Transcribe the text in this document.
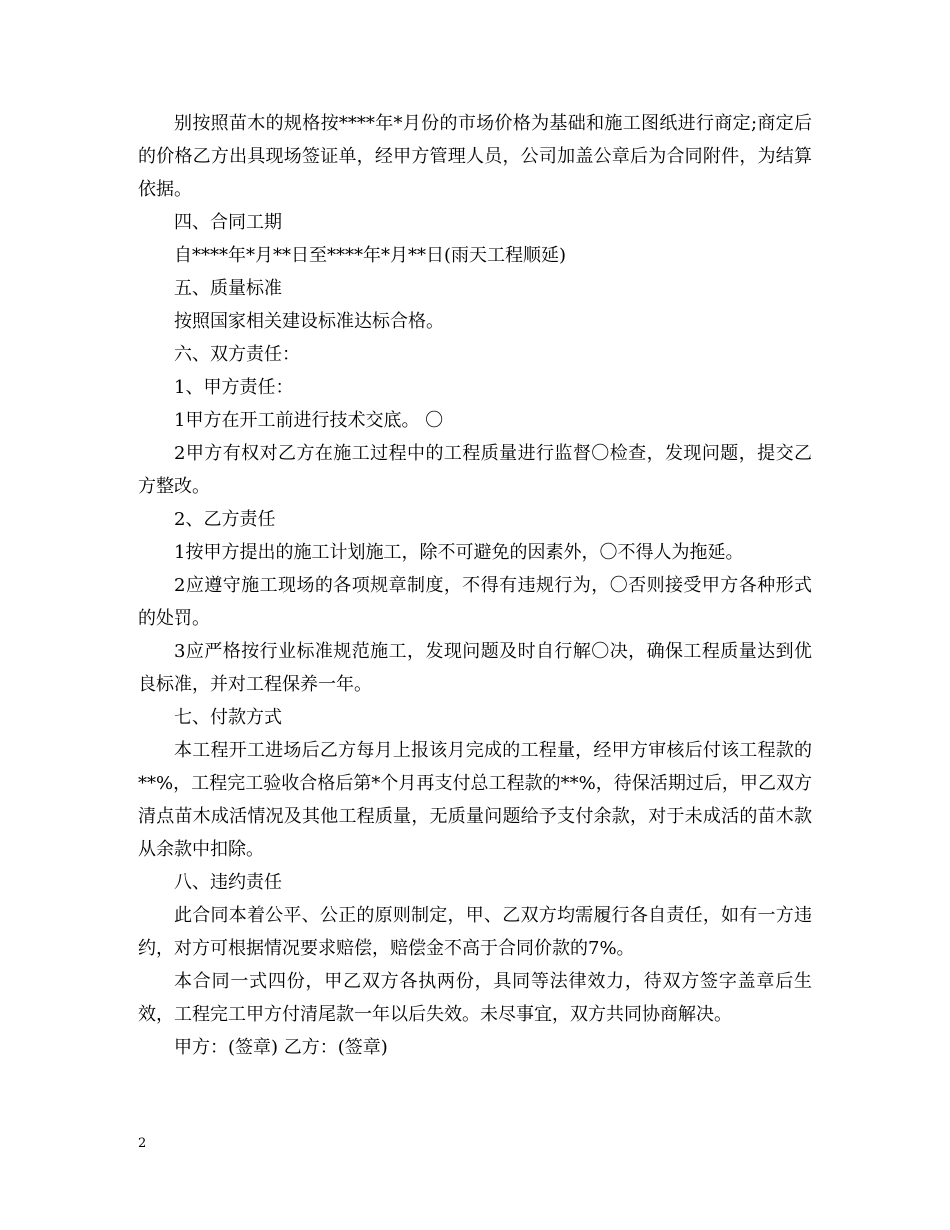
别按照苗木的规格按****年*月份的市场价格为基础和施工图纸进行商定;商定后的价格乙方出具现场签证单，经甲方管理人员，公司加盖公章后为合同附件，为结算依据。

四、合同工期

自****年*月**日至****年*月**日(雨天工程顺延)

五、质量标准

按照国家相关建设标准达标合格。

六、双方责任：

1、甲方责任：

1甲方在开工前进行技术交底。 〇

2甲方有权对乙方在施工过程中的工程质量进行监督〇检查，发现问题，提交乙方整改。

2、乙方责任

1按甲方提出的施工计划施工，除不可避免的因素外，〇不得人为拖延。

2应遵守施工现场的各项规章制度，不得有违规行为，〇否则接受甲方各种形式的处罚。

3应严格按行业标准规范施工，发现问题及时自行解〇决，确保工程质量达到优良标准，并对工程保养一年。

七、付款方式

本工程开工进场后乙方每月上报该月完成的工程量，经甲方审核后付该工程款的**%，工程完工验收合格后第*个月再支付总工程款的**%，待保活期过后，甲乙双方清点苗木成活情况及其他工程质量，无质量问题给予支付余款，对于未成活的苗木款从余款中扣除。

八、违约责任

此合同本着公平、公正的原则制定，甲、乙双方均需履行各自责任，如有一方违约，对方可根据情况要求赔偿，赔偿金不高于合同价款的7%。

本合同一式四份，甲乙双方各执两份，具同等法律效力，待双方签字盖章后生效，工程完工甲方付清尾款一年以后失效。未尽事宜，双方共同协商解决。

甲方：(签章) 乙方：(签章)

2
